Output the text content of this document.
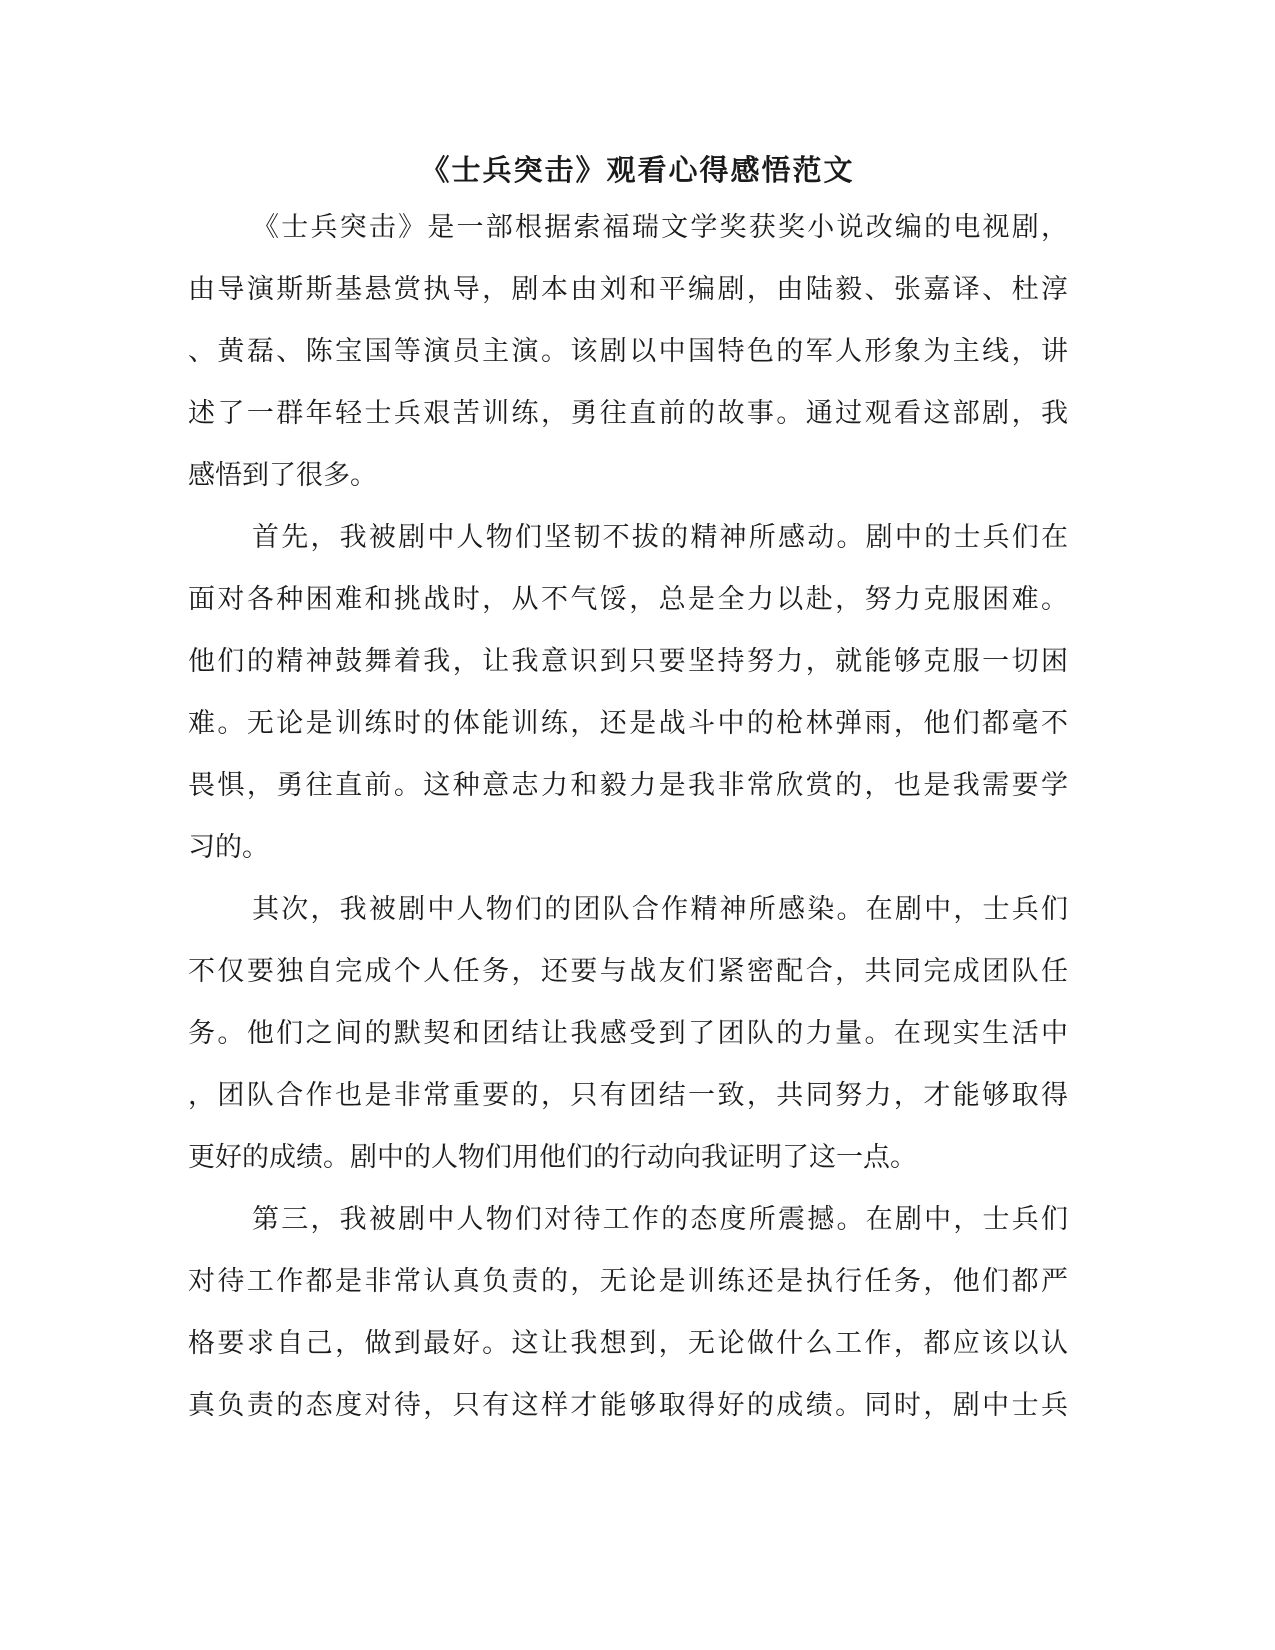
《士兵突击》观看心得感悟范文
《士兵突击》是一部根据索福瑞文学奖获奖小说改编的电视剧，
由导演斯斯基悬赏执导，剧本由刘和平编剧，由陆毅、张嘉译、杜淳
、黄磊、陈宝国等演员主演。该剧以中国特色的军人形象为主线，讲
述了一群年轻士兵艰苦训练，勇往直前的故事。通过观看这部剧，我
感悟到了很多。
首先，我被剧中人物们坚韧不拔的精神所感动。剧中的士兵们在
面对各种困难和挑战时，从不气馁，总是全力以赴，努力克服困难。
他们的精神鼓舞着我，让我意识到只要坚持努力，就能够克服一切困
难。无论是训练时的体能训练，还是战斗中的枪林弹雨，他们都毫不
畏惧，勇往直前。这种意志力和毅力是我非常欣赏的，也是我需要学
习的。
其次，我被剧中人物们的团队合作精神所感染。在剧中，士兵们
不仅要独自完成个人任务，还要与战友们紧密配合，共同完成团队任
务。他们之间的默契和团结让我感受到了团队的力量。在现实生活中
，团队合作也是非常重要的，只有团结一致，共同努力，才能够取得
更好的成绩。剧中的人物们用他们的行动向我证明了这一点。
第三，我被剧中人物们对待工作的态度所震撼。在剧中，士兵们
对待工作都是非常认真负责的，无论是训练还是执行任务，他们都严
格要求自己，做到最好。这让我想到，无论做什么工作，都应该以认
真负责的态度对待，只有这样才能够取得好的成绩。同时，剧中士兵
